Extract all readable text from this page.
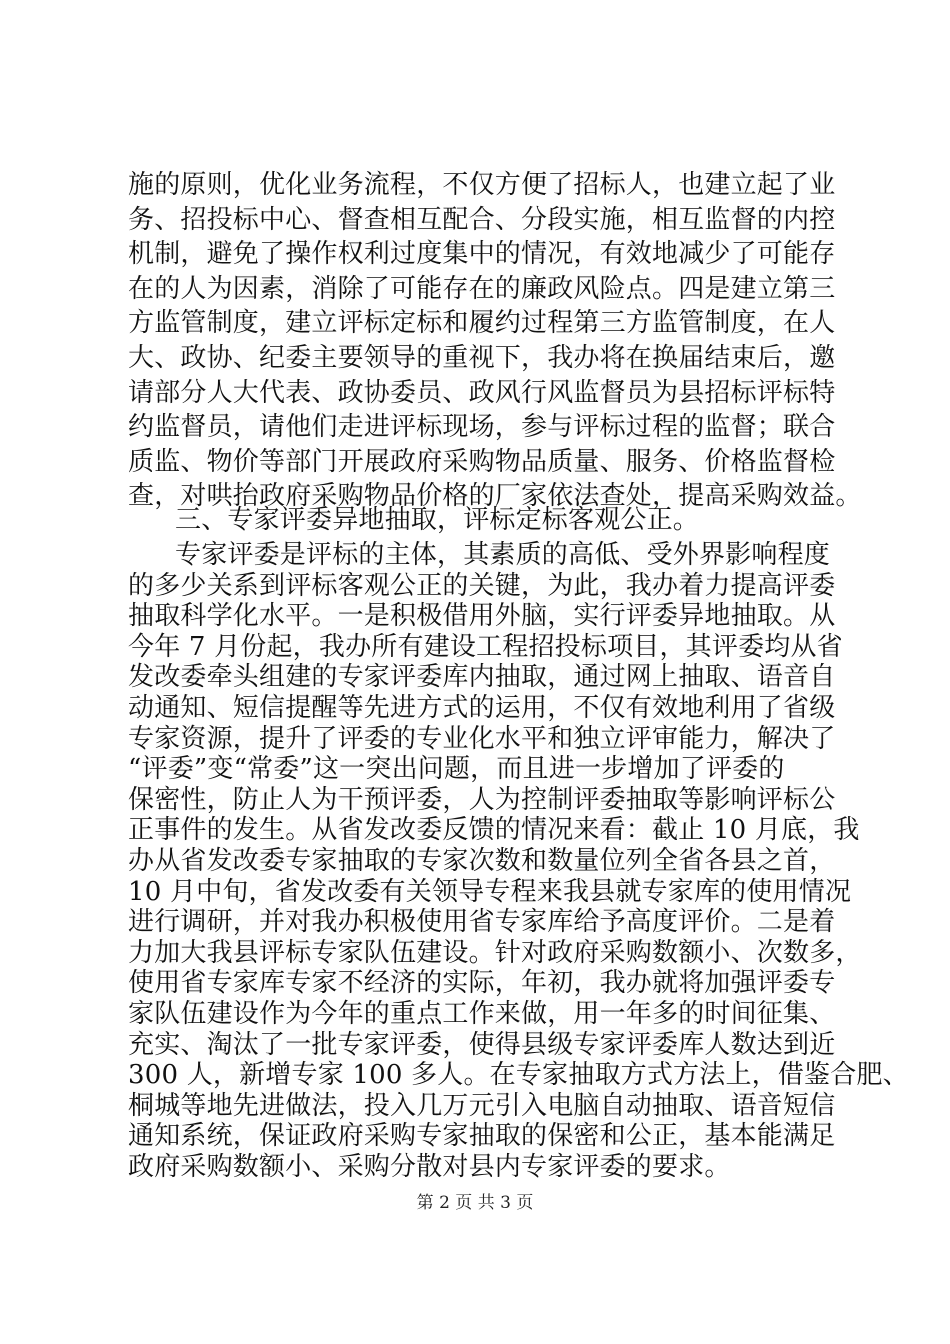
施的原则，优化业务流程，不仅方便了招标人，也建立起了业
务、招投标中心、督查相互配合、分段实施，相互监督的内控
机制，避免了操作权利过度集中的情况，有效地减少了可能存
在的人为因素，消除了可能存在的廉政风险点。四是建立第三
方监管制度，建立评标定标和履约过程第三方监管制度，在人
大、政协、纪委主要领导的重视下，我办将在换届结束后，邀
请部分人大代表、政协委员、政风行风监督员为县招标评标特
约监督员，请他们走进评标现场，参与评标过程的监督；联合
质监、物价等部门开展政府采购物品质量、服务、价格监督检
查，对哄抬政府采购物品价格的厂家依法查处，提高采购效益。
三、专家评委异地抽取，评标定标客观公正。
专家评委是评标的主体，其素质的高低、受外界影响程度
的多少关系到评标客观公正的关键，为此，我办着力提高评委
抽取科学化水平。一是积极借用外脑，实行评委异地抽取。从
今年 7 月份起，我办所有建设工程招投标项目，其评委均从省
发改委牵头组建的专家评委库内抽取，通过网上抽取、语音自
动通知、短信提醒等先进方式的运用，不仅有效地利用了省级
专家资源，提升了评委的专业化水平和独立评审能力，解决了
“评委”变“常委”这一突出问题，而且进一步增加了评委的
保密性，防止人为干预评委，人为控制评委抽取等影响评标公
正事件的发生。从省发改委反馈的情况来看：截止 10 月底，我
办从省发改委专家抽取的专家次数和数量位列全省各县之首，
10 月中旬，省发改委有关领导专程来我县就专家库的使用情况
进行调研，并对我办积极使用省专家库给予高度评价。二是着
力加大我县评标专家队伍建设。针对政府采购数额小、次数多，
使用省专家库专家不经济的实际，年初，我办就将加强评委专
家队伍建设作为今年的重点工作来做，用一年多的时间征集、
充实、淘汰了一批专家评委，使得县级专家评委库人数达到近
300 人，新增专家 100 多人。在专家抽取方式方法上，借鉴合肥、
桐城等地先进做法，投入几万元引入电脑自动抽取、语音短信
通知系统，保证政府采购专家抽取的保密和公正，基本能满足
政府采购数额小、采购分散对县内专家评委的要求。
第 2 页 共 3 页
